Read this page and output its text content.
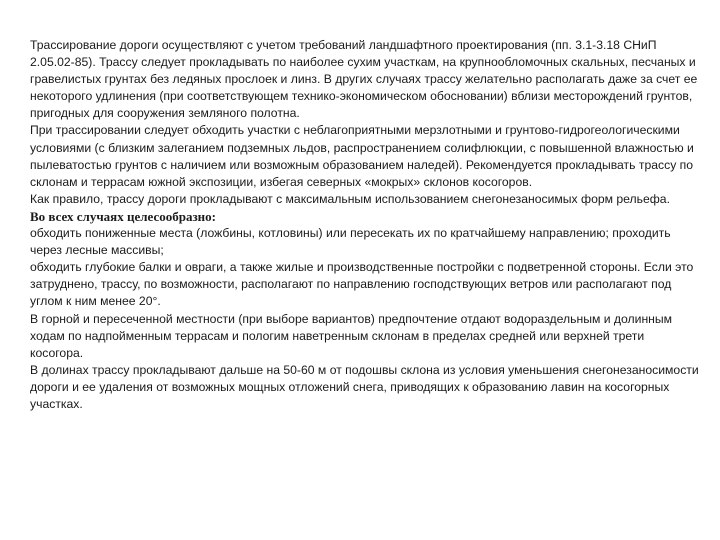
Трассирование дороги осуществляют с учетом требований ландшафтного проектирования (пп. 3.1-3.18 СНиП 2.05.02-85). Трассу следует прокладывать по наиболее сухим участкам, на крупнообломочных скальных, песчаных и гравелистых грунтах без ледяных прослоек и линз. В других случаях трассу желательно располагать даже за счет ее некоторого удлинения (при соответствующем технико-экономическом обосновании) вблизи месторождений грунтов, пригодных для сооружения земляного полотна.

При трассировании следует обходить участки с неблагоприятными мерзлотными и грунтово-гидрогеологическими условиями (с близким залеганием подземных льдов, распространением солифлюкции, с повышенной влажностью и пылеватостью грунтов с наличием или возможным образованием наледей). Рекомендуется прокладывать трассу по склонам и террасам южной экспозиции, избегая северных «мокрых» склонов косогоров.

Как правило, трассу дороги прокладывают с максимальным использованием снегонезаносимых форм рельефа.

Во всех случаях целесообразно:

обходить пониженные места (ложбины, котловины) или пересекать их по кратчайшему направлению; проходить через лесные массивы;

обходить глубокие балки и овраги, а также жилые и производственные постройки с подветренной стороны. Если это затруднено, трассу, по возможности, располагают по направлению господствующих ветров или располагают под углом к ним менее 20°.

В горной и пересеченной местности (при выборе вариантов) предпочтение отдают водораздельным и долинным ходам по надпойменным террасам и пологим наветренным склонам в пределах средней или верхней трети косогора.

В долинах трассу прокладывают дальше на 50-60 м от подошвы склона из условия уменьшения снегонезаносимости дороги и ее удаления от возможных мощных отложений снега, приводящих к образованию лавин на косогорных участках.
